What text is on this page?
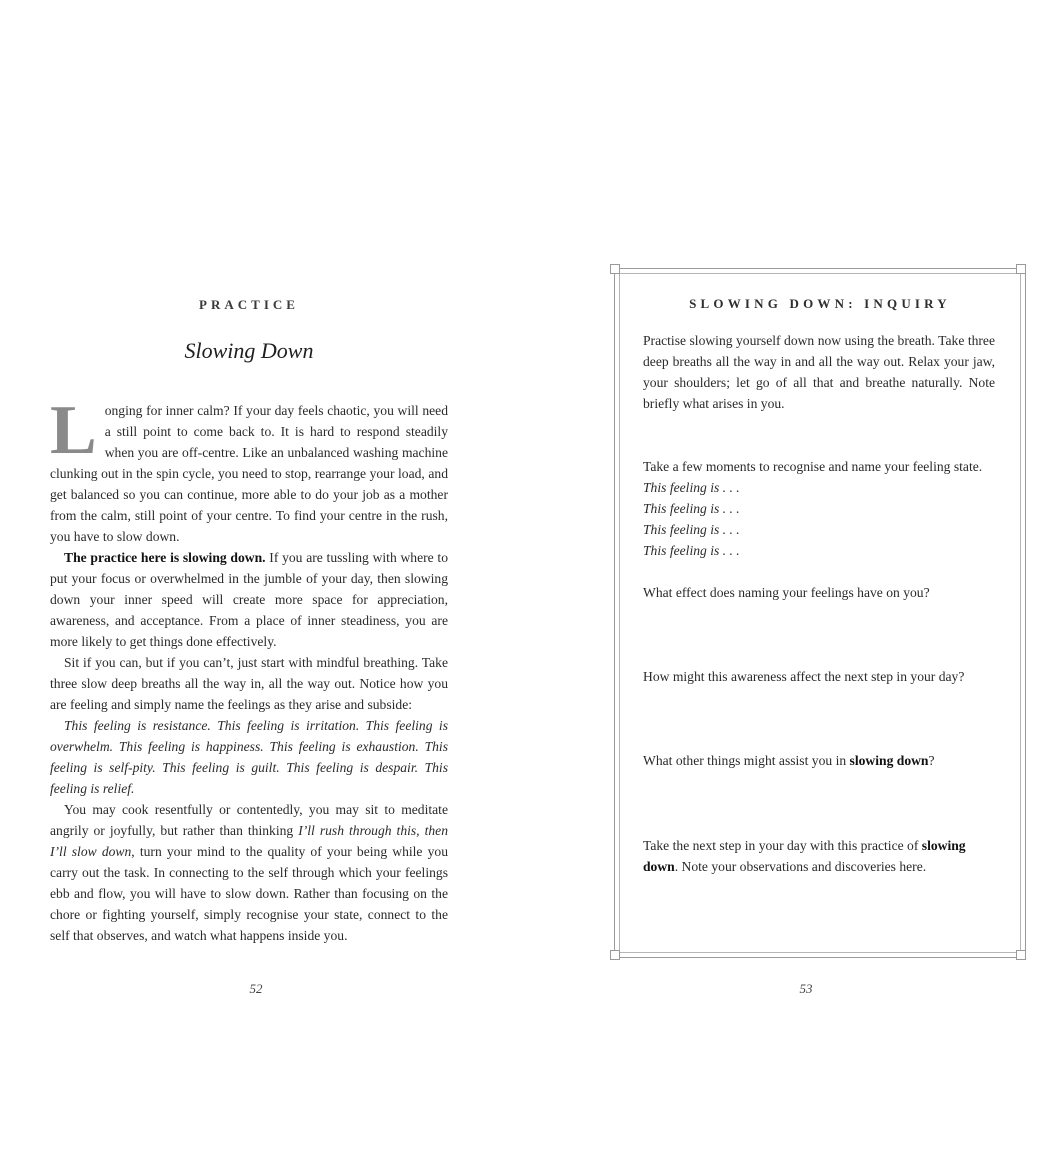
PRACTICE
Slowing Down

Longing for inner calm? If your day feels chaotic, you will need a still point to come back to. It is hard to respond steadily when you are off-centre. Like an unbalanced washing machine clunking out in the spin cycle, you need to stop, rearrange your load, and get balanced so you can continue, more able to do your job as a mother from the calm, still point of your centre. To find your centre in the rush, you have to slow down.

The practice here is slowing down. If you are tussling with where to put your focus or overwhelmed in the jumble of your day, then slowing down your inner speed will create more space for appreciation, awareness, and acceptance. From a place of inner steadiness, you are more likely to get things done effectively.

Sit if you can, but if you can’t, just start with mindful breathing. Take three slow deep breaths all the way in, all the way out. Notice how you are feeling and simply name the feelings as they arise and subside:

This feeling is resistance. This feeling is irritation. This feeling is overwhelm. This feeling is happiness. This feeling is exhaustion. This feeling is self-pity. This feeling is guilt. This feeling is despair. This feeling is relief.

You may cook resentfully or contentedly, you may sit to meditate angrily or joyfully, but rather than thinking I’ll rush through this, then I’ll slow down, turn your mind to the quality of your being while you carry out the task. In connecting to the self through which your feelings ebb and flow, you will have to slow down. Rather than focusing on the chore or fighting yourself, simply recognise your state, connect to the self that observes, and watch what happens inside you.

52
SLOWING DOWN: INQUIRY

Practise slowing yourself down now using the breath. Take three deep breaths all the way in and all the way out. Relax your jaw, your shoulders; let go of all that and breathe naturally. Note briefly what arises in you.

Take a few moments to recognise and name your feeling state.

This feeling is . . .

This feeling is . . .

This feeling is . . .

This feeling is . . .

What effect does naming your feelings have on you?

How might this awareness affect the next step in your day?

What other things might assist you in slowing down?

Take the next step in your day with this practice of slowing down. Note your observations and discoveries here.

53
